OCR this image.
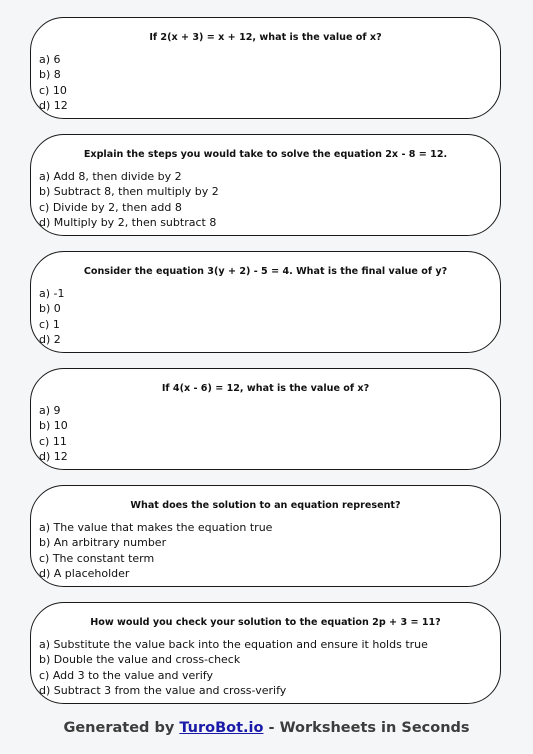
If 2(x + 3) = x + 12, what is the value of x?
a) 6
b) 8
c) 10
d) 12
Explain the steps you would take to solve the equation 2x - 8 = 12.
a) Add 8, then divide by 2
b) Subtract 8, then multiply by 2
c) Divide by 2, then add 8
d) Multiply by 2, then subtract 8
Consider the equation 3(y + 2) - 5 = 4. What is the final value of y?
a) -1
b) 0
c) 1
d) 2
If 4(x - 6) = 12, what is the value of x?
a) 9
b) 10
c) 11
d) 12
What does the solution to an equation represent?
a) The value that makes the equation true
b) An arbitrary number
c) The constant term
d) A placeholder
How would you check your solution to the equation 2p + 3 = 11?
a) Substitute the value back into the equation and ensure it holds true
b) Double the value and cross-check
c) Add 3 to the value and verify
d) Subtract 3 from the value and cross-verify
Generated by TuroBot.io - Worksheets in Seconds
